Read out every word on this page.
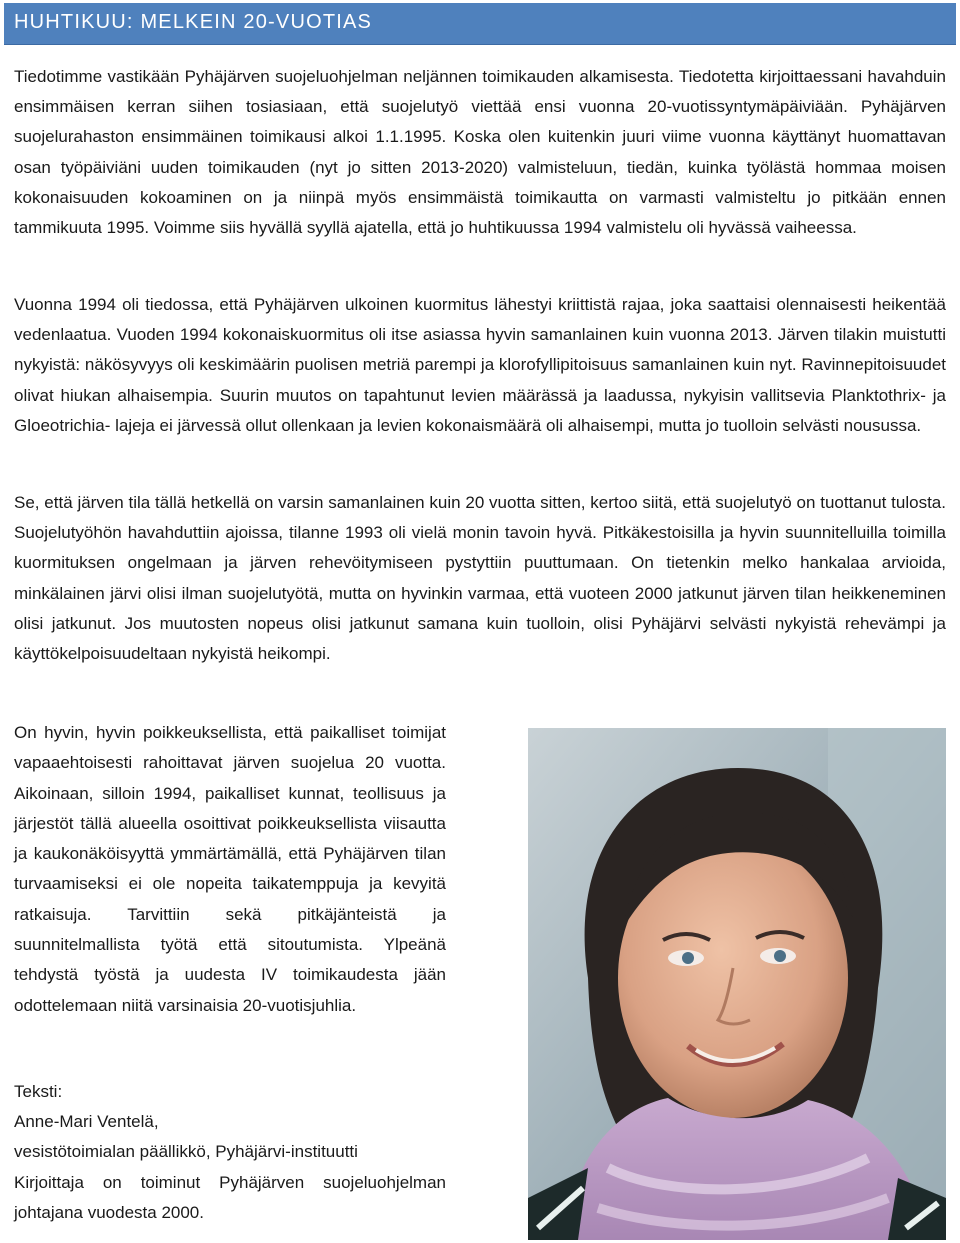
HUHTIKUU: MELKEIN 20-VUOTIAS

Tiedotimme vastikään Pyhäjärven suojeluohjelman neljännen toimikauden alkamisesta. Tiedotetta kirjoittaessani havahduin ensimmäisen kerran siihen tosiasiaan, että suojelutyö viettää ensi vuonna 20-vuotissyntymäpäiviään. Pyhäjärven suojelurahaston ensimmäinen toimikausi alkoi 1.1.1995. Koska olen kuitenkin juuri viime vuonna käyttänyt huomattavan osan työpäiviäni uuden toimikauden (nyt jo sitten 2013-2020) valmisteluun, tiedän, kuinka työlästä hommaa moisen kokonaisuuden kokoaminen on ja niinpä myös ensimmäistä toimikautta on varmasti valmisteltu jo pitkään ennen tammikuuta 1995. Voimme siis hyvällä syyllä ajatella, että jo huhtikuussa 1994 valmistelu oli hyvässä vaiheessa.

Vuonna 1994 oli tiedossa, että Pyhäjärven ulkoinen kuormitus lähestyi kriittistä rajaa, joka saattaisi olennaisesti heikentää vedenlaatua. Vuoden 1994 kokonaiskuormitus oli itse asiassa hyvin samanlainen kuin vuonna 2013. Järven tilakin muistutti nykyistä: näkösyvyys oli keskimäärin puolisen metriä parempi ja klorofyllipitoisuus samanlainen kuin nyt. Ravinnepitoisuudet olivat hiukan alhaisempia. Suurin muutos on tapahtunut levien määrässä ja laadussa, nykyisin vallitsevia Planktothrix- ja Gloeotrichia- lajeja ei järvessä ollut ollenkaan ja levien kokonaismäärä oli alhaisempi, mutta jo tuolloin selvästi nousussa.

Se, että järven tila tällä hetkellä on varsin samanlainen kuin 20 vuotta sitten, kertoo siitä, että suojelutyö on tuottanut tulosta. Suojelutyöhön havahduttiin ajoissa, tilanne 1993 oli vielä monin tavoin hyvä. Pitkäkestoisilla ja hyvin suunnitelluilla toimilla kuormituksen ongelmaan ja järven rehevöitymiseen pystyttiin puuttumaan. On tietenkin melko hankalaa arvioida, minkälainen järvi olisi ilman suojelutyötä, mutta on hyvinkin varmaa, että vuoteen 2000 jatkunut järven tilan heikkeneminen olisi jatkunut. Jos muutosten nopeus olisi jatkunut samana kuin tuolloin, olisi Pyhäjärvi selvästi nykyistä rehevämpi ja käyttökelpoisuudeltaan nykyistä heikompi.

On hyvin, hyvin poikkeuksellista, että paikalliset toimijat vapaaehtoisesti rahoittavat järven suojelua 20 vuotta. Aikoinaan, silloin 1994, paikalliset kunnat, teollisuus ja järjestöt tällä alueella osoittivat poikkeuksellista viisautta ja kaukonäköisyyttä ymmärtämällä, että Pyhäjärven tilan turvaamiseksi ei ole nopeita taikatemppuja ja kevyitä ratkaisuja. Tarvittiin sekä pitkäjänteistä ja suunnitelmallista työtä että sitoutumista. Ylpeänä tehdystä työstä ja uudesta IV toimikaudesta jään odottelemaan niitä varsinaisia 20-vuotisjuhlia.

Teksti:
Anne-Mari Ventelä,
vesistötoimialan päällikkö, Pyhäjärvi-instituutti
Kirjoittaja on toiminut Pyhäjärven suojeluohjelman johtajana vuodesta 2000.
